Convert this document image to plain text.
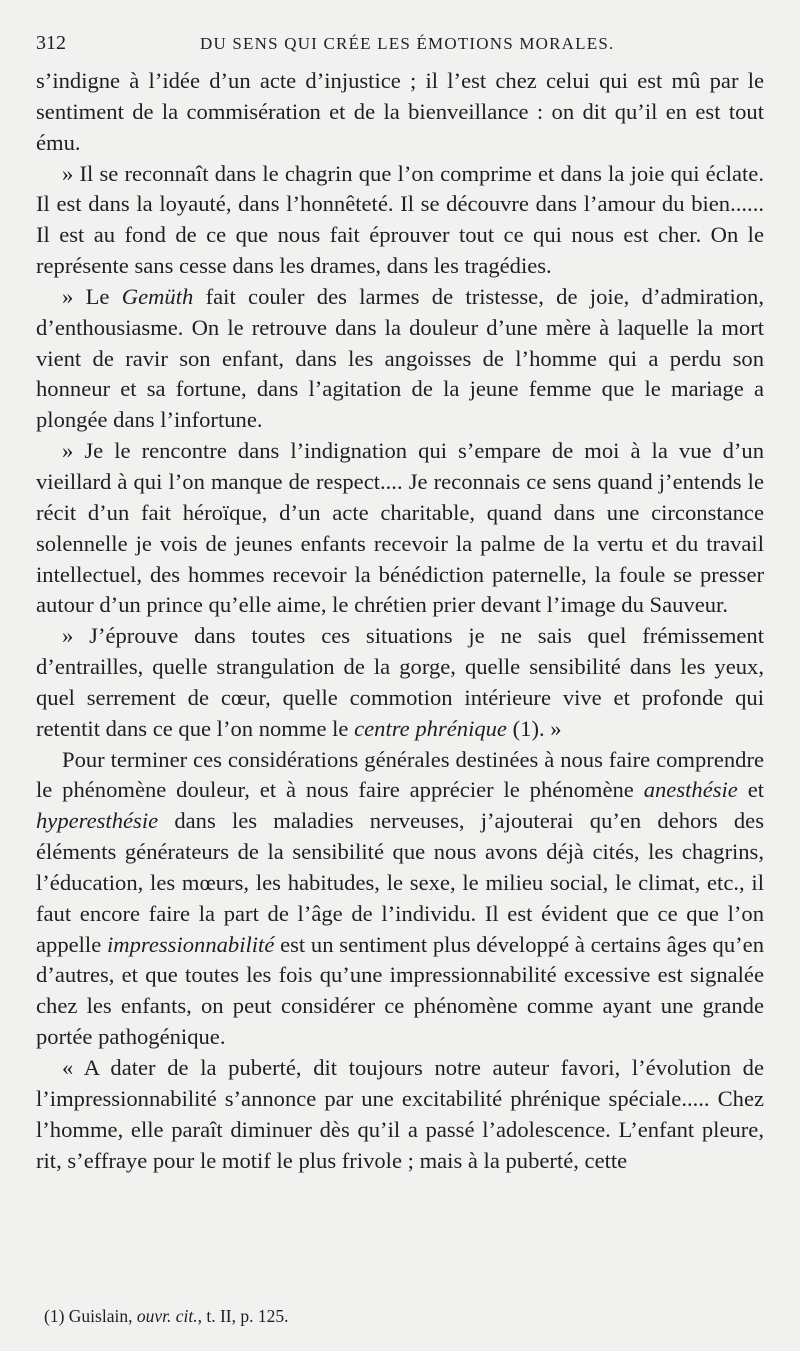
312	DU SENS QUI CRÉE LES ÉMOTIONS MORALES.

s’indigne à l’idée d’un acte d’injustice ; il l’est chez celui qui est mû par le sentiment de la commisération et de la bienveillance : on dit qu’il en est tout ému.

» Il se reconnaît dans le chagrin que l’on comprime et dans la joie qui éclate. Il est dans la loyauté, dans l’honnêteté. Il se découvre dans l’amour du bien...... Il est au fond de ce que nous fait éprouver tout ce qui nous est cher. On le représente sans cesse dans les drames, dans les tragédies.

» Le Gemüth fait couler des larmes de tristesse, de joie, d’admiration, d’enthousiasme. On le retrouve dans la douleur d’une mère à laquelle la mort vient de ravir son enfant, dans les angoisses de l’homme qui a perdu son honneur et sa fortune, dans l’agitation de la jeune femme que le mariage a plongée dans l’infortune.

» Je le rencontre dans l’indignation qui s’empare de moi à la vue d’un vieillard à qui l’on manque de respect.... Je reconnais ce sens quand j’entends le récit d’un fait héroïque, d’un acte charitable, quand dans une circonstance solennelle je vois de jeunes enfants recevoir la palme de la vertu et du travail intellectuel, des hommes recevoir la bénédiction paternelle, la foule se presser autour d’un prince qu’elle aime, le chrétien prier devant l’image du Sauveur.

» J’éprouve dans toutes ces situations je ne sais quel frémissement d’entrailles, quelle strangulation de la gorge, quelle sensibilité dans les yeux, quel serrement de cœur, quelle commotion intérieure vive et profonde qui retentit dans ce que l’on nomme le centre phrénique (1). »

Pour terminer ces considérations générales destinées à nous faire comprendre le phénomène douleur, et à nous faire apprécier le phénomène anesthésie et hyperesthésie dans les maladies nerveuses, j’ajouterai qu’en dehors des éléments générateurs de la sensibilité que nous avons déjà cités, les chagrins, l’éducation, les mœurs, les habitudes, le sexe, le milieu social, le climat, etc., il faut encore faire la part de l’âge de l’individu. Il est évident que ce que l’on appelle impressionnabilité est un sentiment plus développé à certains âges qu’en d’autres, et que toutes les fois qu’une impressionnabilité excessive est signalée chez les enfants, on peut considérer ce phénomène comme ayant une grande portée pathogénique.

« A dater de la puberté, dit toujours notre auteur favori, l’évolution de l’impressionnabilité s’annonce par une excitabilité phrénique spéciale..... Chez l’homme, elle paraît diminuer dès qu’il a passé l’adolescence. L’enfant pleure, rit, s’effraye pour le motif le plus frivole ; mais à la puberté, cette

(1) Guislain, ouvr. cit., t. II, p. 125.
